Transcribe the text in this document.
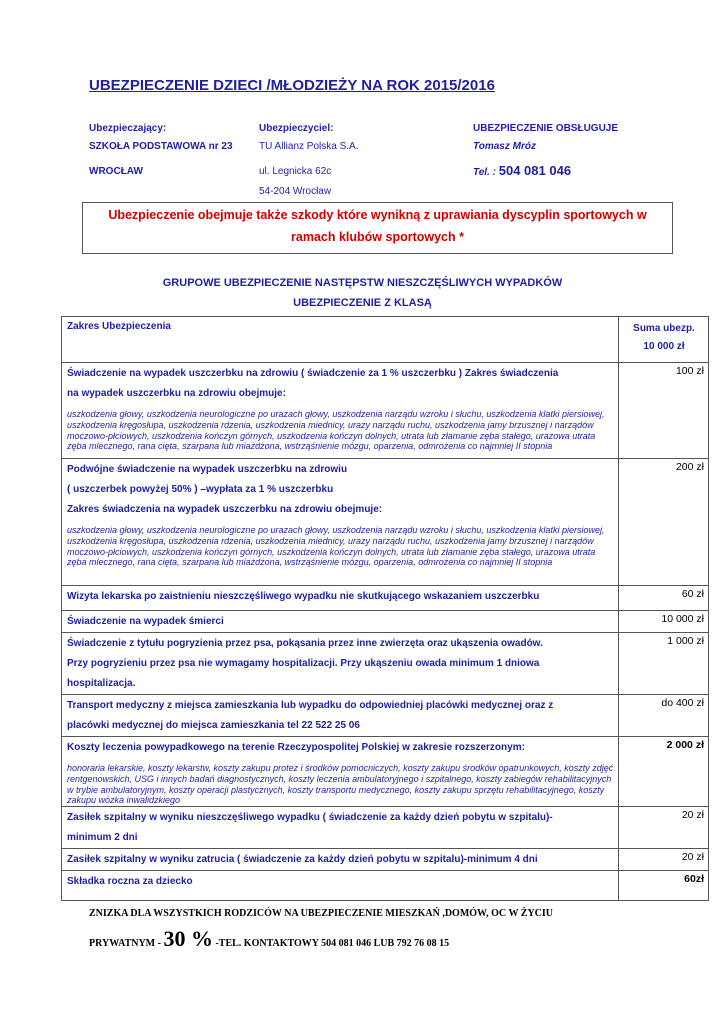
UBEZPIECZENIE DZIECI /MŁODZIEŻY NA ROK 2015/2016
Ubezpieczający:
SZKOŁA PODSTAWOWA nr 23
WROCŁAW
Ubezpieczyciel:
TU Allianz Polska S.A.
ul. Legnicka 62c
54-204 Wrocław
UBEZPIECZENIE OBSŁUGUJE
Tomasz Mróz
Tel. : 504 081 046
Ubezpieczenie obejmuje także szkody które wynikną z uprawiania dyscyplin sportowych w
ramach klubów sportowych *
GRUPOWE UBEZPIECZENIE NASTĘPSTW NIESZCZĘŚLIWYCH WYPADKÓW
UBEZPIECZENIE Z KLASĄ
Zakres Ubezpieczenia	Suma ubezp.
10 000 zł

Świadczenie na wypadek uszczerbku na zdrowiu ( świadczenie za 1 % uszczerbku ) Zakres świadczenia
na wypadek uszczerbku na zdrowiu obejmuje:
uszkodzenia głowy, uszkodzenia neurologiczne po urazach głowy, uszkodzenia narządu wzroku i słuchu, uszkodzenia klatki piersiowej, uszkodzenia kręgosłupa, uszkodzenia rdzenia, uszkodzenia miednicy, urazy narządu ruchu, uszkodzenia jamy brzusznej i narządów moczowo-płciowych, uszkodzenia kończyn górnych, uszkodzenia kończyn dolnych, utrata lub złamanie zęba stałego, urazowa utrata zęba mlecznego, rana cięta, szarpana lub miażdżona, wstrząśnienie mózgu, oparzenia, odmrożenia co najmniej II stopnia	100 zł

Podwójne świadczenie na wypadek uszczerbku na zdrowiu
( uszczerbek powyżej 50% ) –wypłata za 1 % uszczerbku
Zakres świadczenia na wypadek uszczerbku na zdrowiu obejmuje:
uszkodzenia głowy, uszkodzenia neurologiczne po urazach głowy, uszkodzenia narządu wzroku i słuchu, uszkodzenia klatki piersiowej, uszkodzenia kręgosłupa, uszkodzenia rdzenia, uszkodzenia miednicy, urazy narządu ruchu, uszkodzenia jamy brzusznej i narządów moczowo-płciowych, uszkodzenia kończyn górnych, uszkodzenia kończyn dolnych, utrata lub złamanie zęba stałego, urazowa utrata zęba mlecznego, rana cięta, szarpana lub miażdżona, wstrząśnienie mózgu, oparzenia, odmrożenia co najmniej II stopnia	200 zł

Wizyta lekarska po zaistnieniu nieszczęśliwego wypadku nie skutkującego wskazaniem uszczerbku	60 zł

Świadczenie na wypadek śmierci	10 000 zł

Świadczenie z tytułu pogryzienia przez psa, pokąsania przez inne zwierzęta oraz ukąszenia owadów.
Przy pogryzieniu przez psa nie wymagamy hospitalizacji. Przy ukąszeniu owada minimum 1 dniowa
hospitalizacja.	1 000 zł

Transport medyczny z miejsca zamieszkania lub wypadku do odpowiedniej placówki medycznej oraz z
placówki medycznej do miejsca zamieszkania tel 22 522 25 06	do 400 zł

Koszty leczenia powypadkowego na terenie Rzeczypospolitej Polskiej w zakresie rozszerzonym:
honoraria lekarskie, koszty lekarstw, koszty zakupu protez i środków pomocniczych, koszty zakupu środków opatrunkowych, koszty zdjęć rentgenowskich, USG i innych badań diagnostycznych, koszty leczenia ambulatoryjnego i szpitalnego, koszty zabiegów rehabilitacyjnych w trybie ambulatoryjnym, koszty operacji plastycznych, koszty transportu medycznego, koszty zakupu sprzętu rehabilitacyjnego, koszty zakupu wózka inwalidzkiego	2 000 zł

Zasiłek szpitalny w wyniku nieszczęśliwego wypadku ( świadczenie za każdy dzień pobytu w szpitalu)-
minimum 2 dni	20 zł

Zasiłek szpitalny w wyniku zatrucia ( świadczenie za każdy dzień pobytu w szpitalu)-minimum 4 dni	20 zł

Składka roczna za dziecko	60zł
ZNIZKA DLA WSZYSTKICH RODZICÓW NA UBEZPIECZENIE MIESZKAŃ ,DOMÓW, OC W ŻYCIU
PRYWATNYM - 30 % -TEL. KONTAKTOWY 504 081 046 LUB 792 76 08 15
